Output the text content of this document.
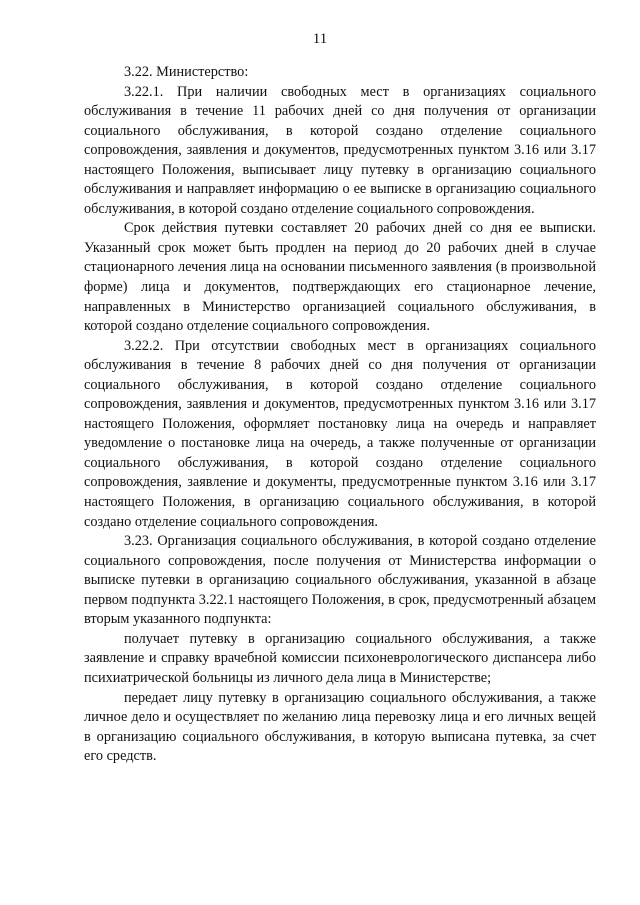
11

3.22. Министерство:

3.22.1. При наличии свободных мест в организациях социального обслуживания в течение 11 рабочих дней со дня получения от организации социального обслуживания, в которой создано отделение социального сопровождения, заявления и документов, предусмотренных пунктом 3.16 или 3.17 настоящего Положения, выписывает лицу путевку в организацию социального обслуживания и направляет информацию о ее выписке в организацию социального обслуживания, в которой создано отделение социального сопровождения.

Срок действия путевки составляет 20 рабочих дней со дня ее выписки. Указанный срок может быть продлен на период до 20 рабочих дней в случае стационарного лечения лица на основании письменного заявления (в произвольной форме) лица и документов, подтверждающих его стационарное лечение, направленных в Министерство организацией социального обслуживания, в которой создано отделение социального сопровождения.

3.22.2. При отсутствии свободных мест в организациях социального обслуживания в течение 8 рабочих дней со дня получения от организации социального обслуживания, в которой создано отделение социального сопровождения, заявления и документов, предусмотренных пунктом 3.16 или 3.17 настоящего Положения, оформляет постановку лица на очередь и направляет уведомление о постановке лица на очередь, а также полученные от организации социального обслуживания, в которой создано отделение социального сопровождения, заявление и документы, предусмотренные пунктом 3.16 или 3.17 настоящего Положения, в организацию социального обслуживания, в которой создано отделение социального сопровождения.

3.23. Организация социального обслуживания, в которой создано отделение социального сопровождения, после получения от Министерства информации о выписке путевки в организацию социального обслуживания, указанной в абзаце первом подпункта 3.22.1 настоящего Положения, в срок, предусмотренный абзацем вторым указанного подпункта:

получает путевку в организацию социального обслуживания, а также заявление и справку врачебной комиссии психоневрологического диспансера либо психиатрической больницы из личного дела лица в Министерстве;

передает лицу путевку в организацию социального обслуживания, а также личное дело и осуществляет по желанию лица перевозку лица и его личных вещей в организацию социального обслуживания, в которую выписана путевка, за счет его средств.
